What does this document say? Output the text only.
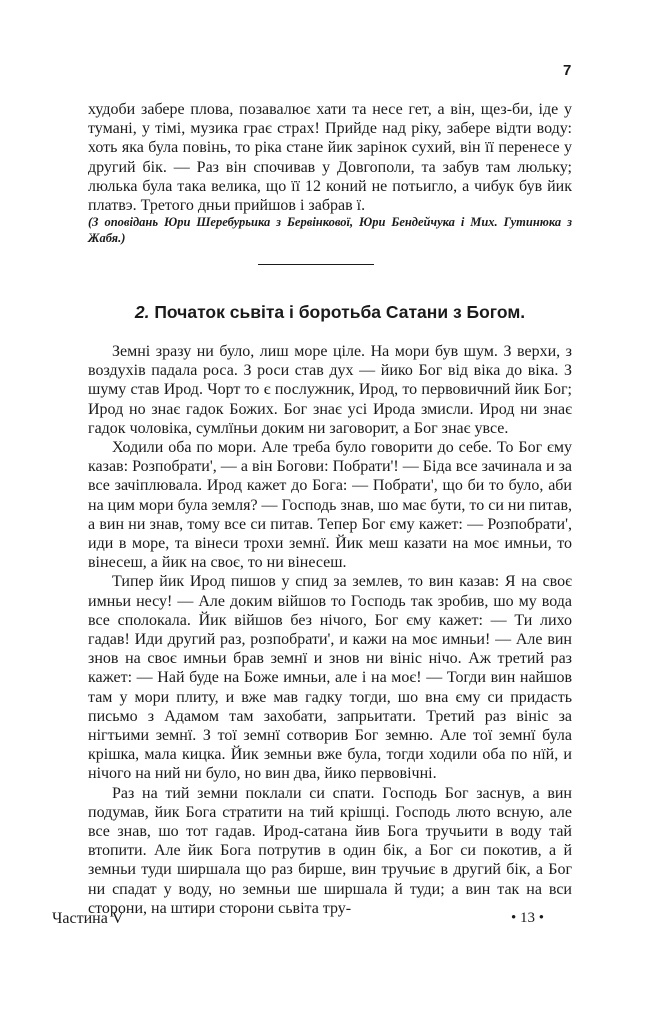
7

худоби забере плова, позавалює хати та несе гет, а він, щез-би, іде у тумані, у тімі, музика грає страх! Прийде над ріку, забере відти воду: хоть яка була повінь, то ріка стане йик зарінок сухий, він її перенесе у другий бік. — Раз він спочивав у Довгополи, та забув там люльку; люлька була така велика, що її 12 коний не потьигло, а чибук був йик платвэ. Третого дньи прийшов і забрав ї.

(З оповідань Юри Шеребурьика з Бервінкової, Юри Бендейчука і Мих. Гутинюка з Жабя.)

2. Початок сьвіта і боротьба Сатани з Богом.

Земні зразу ни було, лиш море ціле. На мори був шум. З верхи, з воздухів падала роса. З роси став дух — йико Бог від віка до віка. З шуму став Ирод. Чорт то є послужник, Ирод, то первовичний йик Бог; Ирод но знає гадок Божих. Бог знає усі Ирода змисли. Ирод ни знає гадок чоловіка, сумлїньи доким ни заговорит, а Бог знає увсе.

Ходили оба по мори. Але треба було говорити до себе. То Бог єму казав: Розпобрати', — а він Богови: Побрати'! — Біда все зачинала и за все зачіплювала. Ирод кажет до Бога: — Побрати', що би то було, аби на цим мори була земля? — Господь знав, шо має бути, то си ни питав, а вин ни знав, тому все си питав. Тепер Бог єму кажет: — Розпобрати', иди в море, та вінеси трохи земнї. Йик меш казати на моє имньи, то вінесеш, а йик на своє, то ни вінесеш.

Типер йик Ирод пишов у спид за землев, то вин казав: Я на своє имньи несу! — Але доким війшов то Господь так зробив, шо му вода все сполокала. Йик війшов без нічого, Бог єму кажет: — Ти лихо гадав! Иди другий раз, розпобрати', и кажи на моє имньи! — Але вин знов на своє имньи брав земнї и знов ни вініс нічо. Аж третий раз кажет: — Най буде на Боже имньи, але і на моє! — Тогди вин найшов там у мори плиту, и вже мав гадку тогди, шо вна єму си придасть письмо з Адамом там захобати, запрьитати. Третий раз вініс за нігтьими земнї. З тої земнї сотворив Бог земню. Але тої земнї була крішка, мала кицка. Йик земньи вже була, тогди ходили оба по нїй, и нічого на ний ни було, но вин два, йико первовічні.

Раз на тий земни поклали си спати. Господь Бог заснув, а вин подумав, йик Бога стратити на тий крішці. Господь люто всную, але все знав, шо тот гадав. Ирод-сатана йив Бога тручьити в воду тай втопити. Але йик Бога потрутив в один бік, а Бог си покотив, а й земньи туди ширшала що раз бирше, вин тручьиє в другий бік, а Бог ни спадат у воду, но земньи ше ширшала й туди; а вин так на вси сторони, на штири сторони сьвіта тру-

Частина V	• 13 •
